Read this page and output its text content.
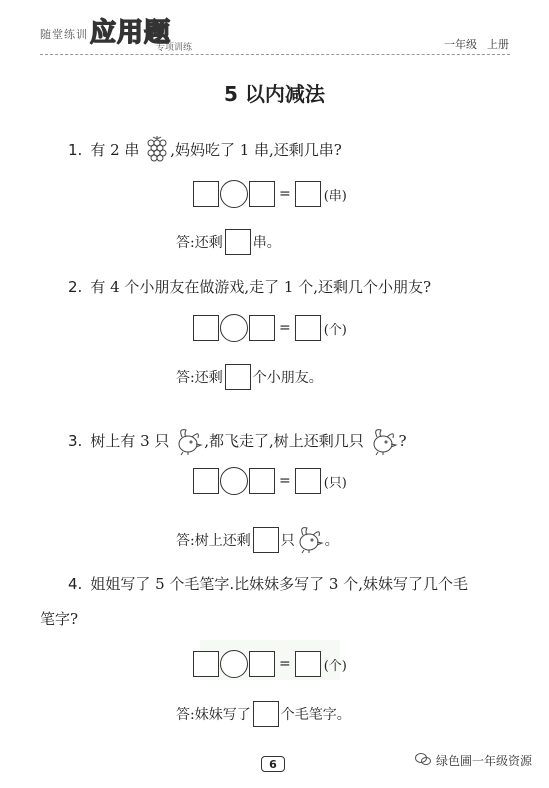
随堂练训 应用题
专项训练	一年级 上册
5 以内减法
1. 有 2 串 ,妈妈吃了 1 串,还剩几串?
=	(串)
答:还剩 串。
2. 有 4 个小朋友在做游戏,走了 1 个,还剩几个小朋友?
=	(个)
答:还剩 个小朋友。
3. 树上有 3 只 ,都飞走了,树上还剩几只 ?
=	(只)
答:树上还剩 只 。
4. 姐姐写了 5 个毛笔字.比妹妹多写了 3 个,妹妹写了几个毛
笔字?
=	(个)
答:妹妹写了 个毛笔字。
6	绿色圃一年级资源
